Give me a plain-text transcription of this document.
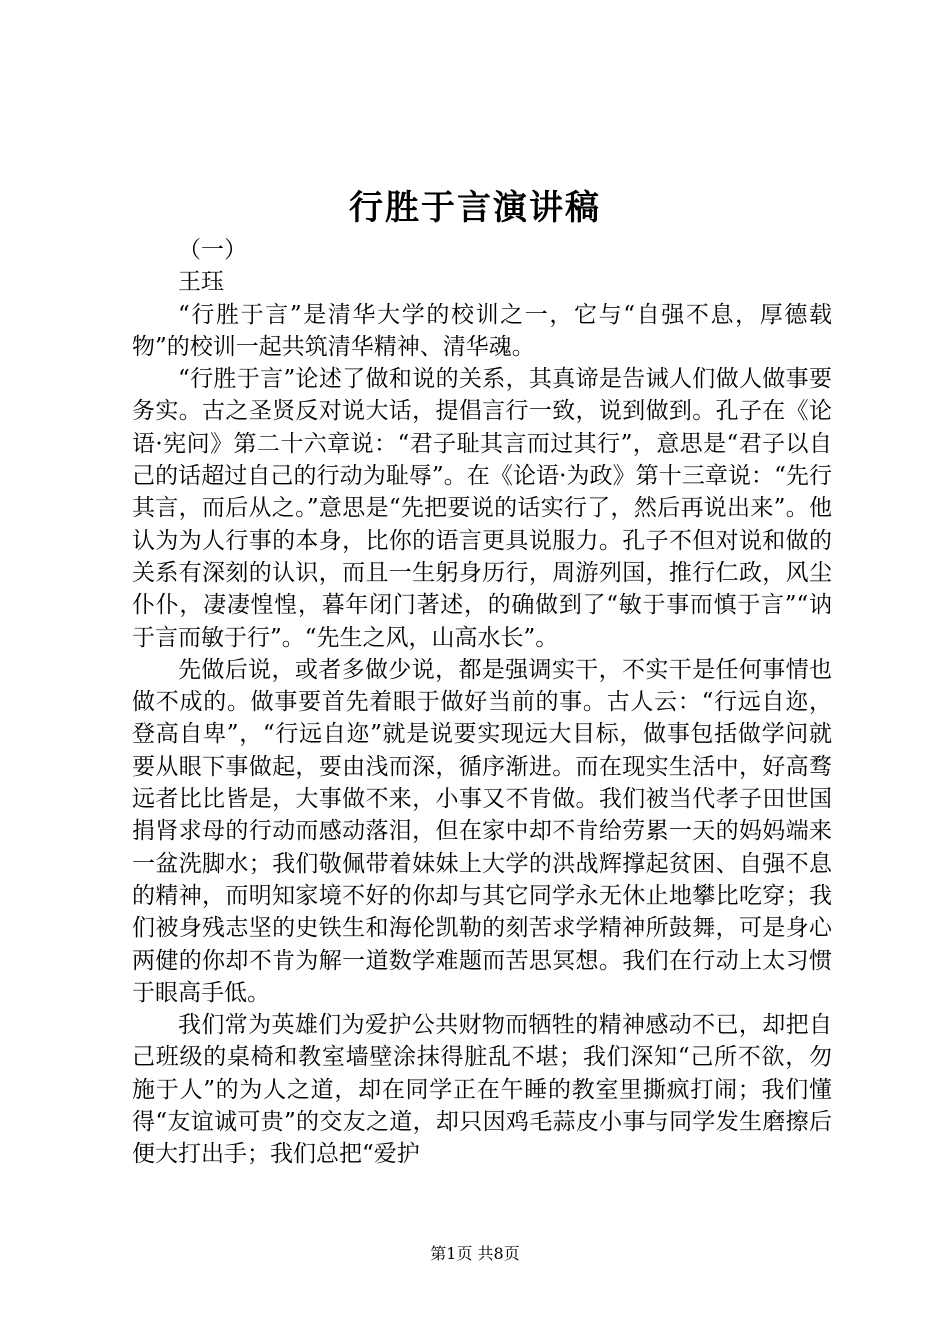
行胜于言演讲稿

（一）

王珏

“行胜于言”是清华大学的校训之一，它与“自强不息，厚德载物”的校训一起共筑清华精神、清华魂。

“行胜于言”论述了做和说的关系，其真谛是告诫人们做人做事要务实。古之圣贤反对说大话，提倡言行一致，说到做到。孔子在《论语·宪问》第二十六章说：“君子耻其言而过其行”，意思是“君子以自己的话超过自己的行动为耻辱”。在《论语·为政》第十三章说：“先行其言，而后从之。”意思是“先把要说的话实行了，然后再说出来”。他认为为人行事的本身，比你的语言更具说服力。孔子不但对说和做的关系有深刻的认识，而且一生躬身历行，周游列国，推行仁政，风尘仆仆，凄凄惶惶，暮年闭门著述，的确做到了“敏于事而慎于言”“讷于言而敏于行”。“先生之风，山高水长”。

先做后说，或者多做少说，都是强调实干，不实干是任何事情也做不成的。做事要首先着眼于做好当前的事。古人云：“行远自迩，登高自卑”，“行远自迩”就是说要实现远大目标，做事包括做学问就要从眼下事做起，要由浅而深，循序渐进。而在现实生活中，好高骛远者比比皆是，大事做不来，小事又不肯做。我们被当代孝子田世国捐肾求母的行动而感动落泪，但在家中却不肯给劳累一天的妈妈端来一盆洗脚水；我们敬佩带着妹妹上大学的洪战辉撑起贫困、自强不息的精神，而明知家境不好的你却与其它同学永无休止地攀比吃穿；我们被身残志坚的史铁生和海伦凯勒的刻苦求学精神所鼓舞，可是身心两健的你却不肯为解一道数学难题而苦思冥想。我们在行动上太习惯于眼高手低。

我们常为英雄们为爱护公共财物而牺牲的精神感动不已，却把自己班级的桌椅和教室墙壁涂抹得脏乱不堪；我们深知“己所不欲，勿施于人”的为人之道，却在同学正在午睡的教室里撕疯打闹；我们懂得“友谊诚可贵”的交友之道，却只因鸡毛蒜皮小事与同学发生磨擦后便大打出手；我们总把“爱护

第1页 共8页
